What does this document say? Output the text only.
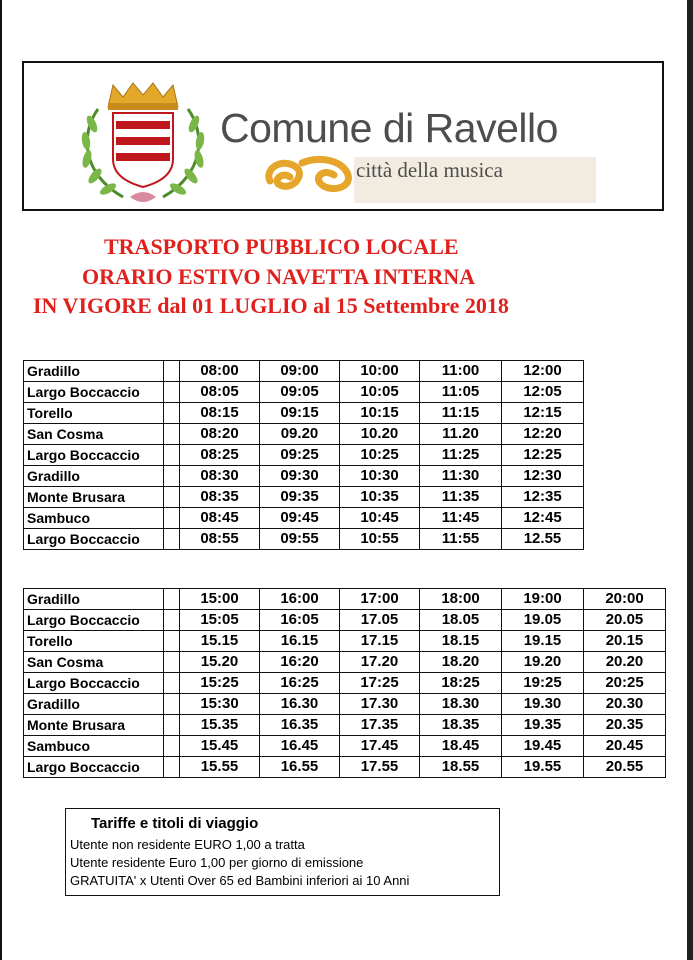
Comune di Ravello
città della musica
TRASPORTO PUBBLICO LOCALE
ORARIO ESTIVO NAVETTA INTERNA
IN VIGORE dal 01 LUGLIO al 15 Settembre 2018
Gradillo		08:00	09:00	10:00	11:00	12:00
Largo Boccaccio		08:05	09:05	10:05	11:05	12:05
Torello		08:15	09:15	10:15	11:15	12:15
San Cosma		08:20	09.20	10.20	11.20	12:20
Largo Boccaccio		08:25	09:25	10:25	11:25	12:25
Gradillo		08:30	09:30	10:30	11:30	12:30
Monte Brusara		08:35	09:35	10:35	11:35	12:35
Sambuco		08:45	09:45	10:45	11:45	12:45
Largo Boccaccio		08:55	09:55	10:55	11:55	12.55
Gradillo		15:00	16:00	17:00	18:00	19:00	20:00
Largo Boccaccio		15:05	16:05	17.05	18.05	19.05	20.05
Torello		15.15	16.15	17.15	18.15	19.15	20.15
San Cosma		15.20	16:20	17.20	18.20	19.20	20.20
Largo Boccaccio		15:25	16:25	17:25	18:25	19:25	20:25
Gradillo		15:30	16.30	17.30	18.30	19.30	20.30
Monte Brusara		15.35	16.35	17.35	18.35	19.35	20.35
Sambuco		15.45	16.45	17.45	18.45	19.45	20.45
Largo Boccaccio		15.55	16.55	17.55	18.55	19.55	20.55
Tariffe e titoli di viaggio
Utente non residente EURO 1,00 a tratta
Utente residente Euro 1,00 per giorno di emissione
GRATUITA' x Utenti Over 65 ed Bambini inferiori ai 10 Anni
